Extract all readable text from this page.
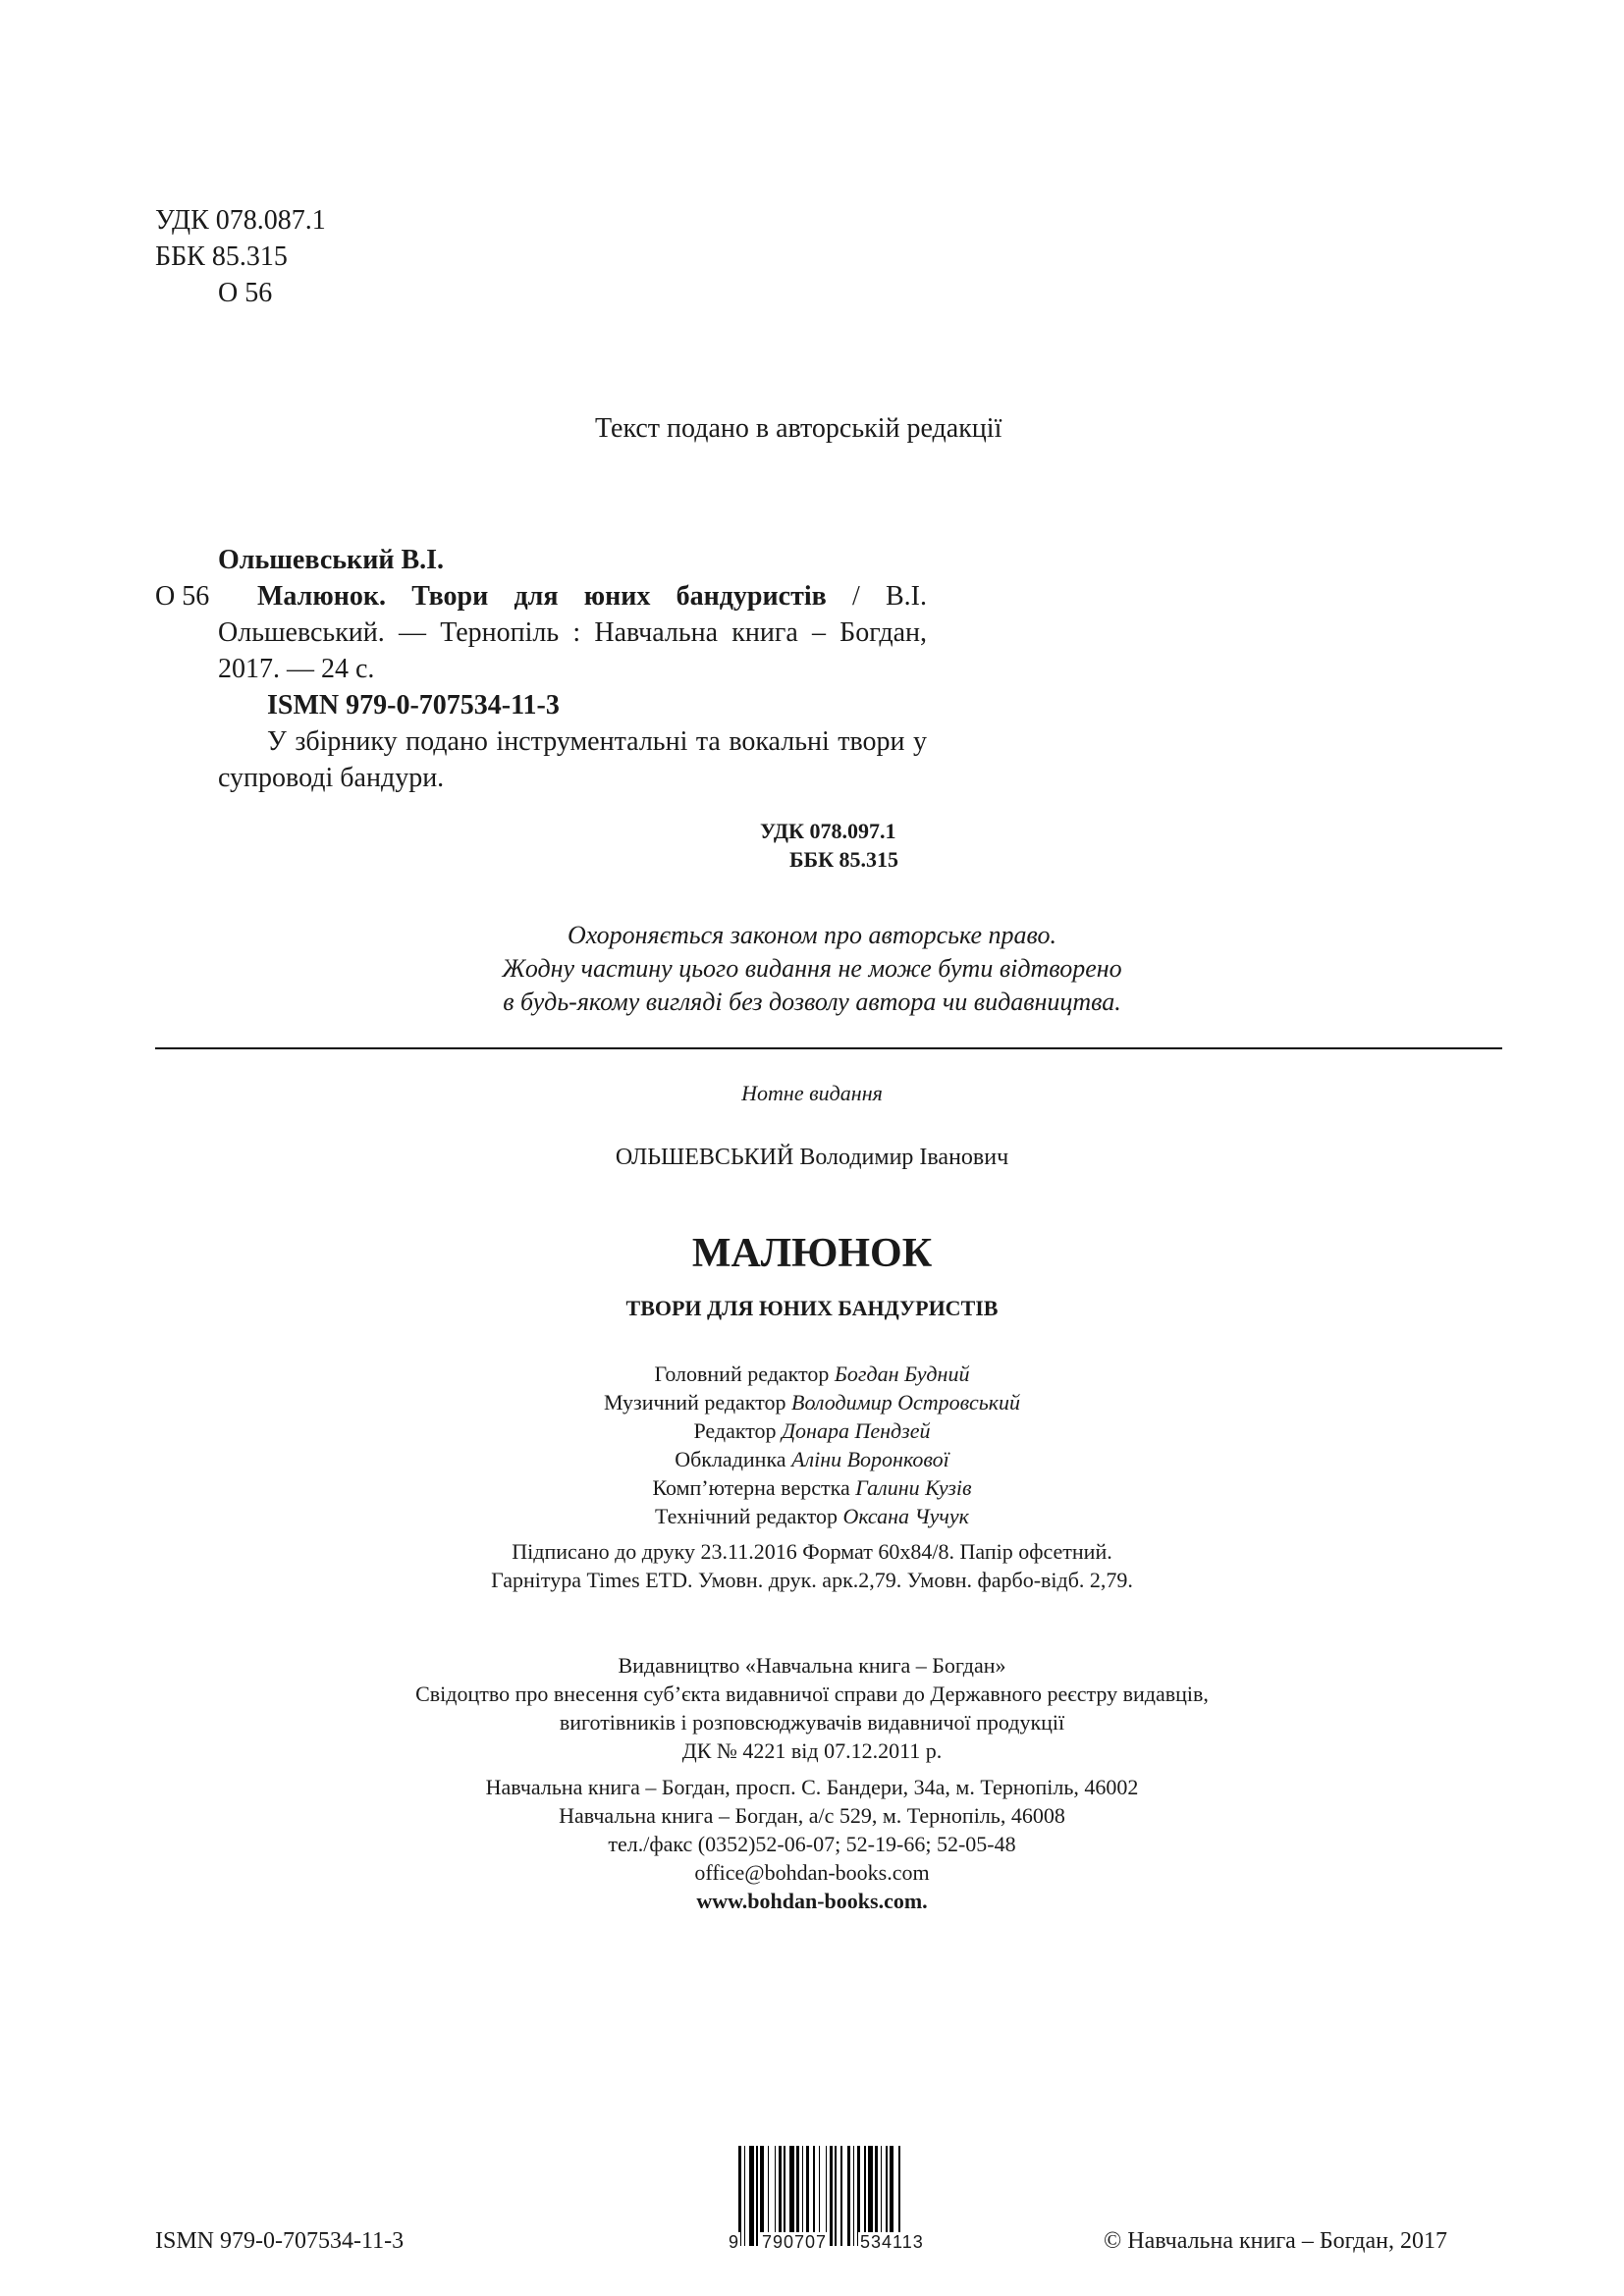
УДК 078.087.1
ББК 85.315
О 56
Текст подано в авторській редакції
Ольшевський В.І.
О 56	Малюнок. Твори для юних бандуристів / В.І. Ольшевський. — Тернопіль : Навчальна книга – Богдан, 2017. — 24 с.
ISMN 979-0-707534-11-3
У збірнику подано інструментальні та вокальні твори у супроводі бандури.
УДК 078.097.1
ББК 85.315
Охороняється законом про авторське право.
Жодну частину цього видання не може бути відтворено
в будь-якому вигляді без дозволу автора чи видавництва.
Нотне видання
ОЛЬШЕВСЬКИЙ Володимир Іванович
МАЛЮНОК
ТВОРИ ДЛЯ ЮНИХ БАНДУРИСТІВ
Головний редактор Богдан Будний
Музичний редактор Володимир Островський
Редактор Донара Пендзей
Обкладинка Аліни Воронкової
Комп’ютерна верстка Галини Кузів
Технічний редактор Оксана Чучук
Підписано до друку 23.11.2016 Формат 60х84/8. Папір офсетний.
Гарнітура Times ETD. Умовн. друк. арк.2,79. Умовн. фарбо-відб. 2,79.
Видавництво «Навчальна книга – Богдан»
Свідоцтво про внесення суб’єкта видавничої справи до Державного реєстру видавців,
виготівників і розповсюджувачів видавничої продукції
ДК № 4221 від 07.12.2011 р.
Навчальна книга – Богдан, просп. С. Бандери, 34а, м. Тернопіль, 46002
Навчальна книга – Богдан, а/с 529, м. Тернопіль, 46008
тел./факс (0352)52-06-07; 52-19-66; 52-05-48
office@bohdan-books.com
www.bohdan-books.com.
9 790707 534113
ISMN 979-0-707534-11-3	© Навчальна книга – Богдан, 2017
